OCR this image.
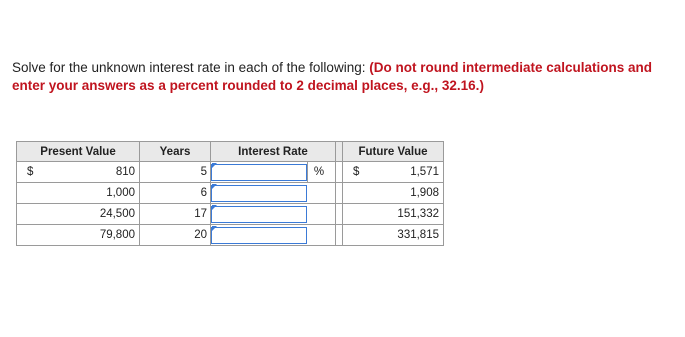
Solve for the unknown interest rate in each of the following: (Do not round intermediate calculations and enter your answers as a percent rounded to 2 decimal places, e.g., 32.16.)
Present Value	Years	Interest Rate		Future Value

$ 810	5	%		$ 1,571

1,000	6			1,908

24,500	17			151,332

79,800	20			331,815
